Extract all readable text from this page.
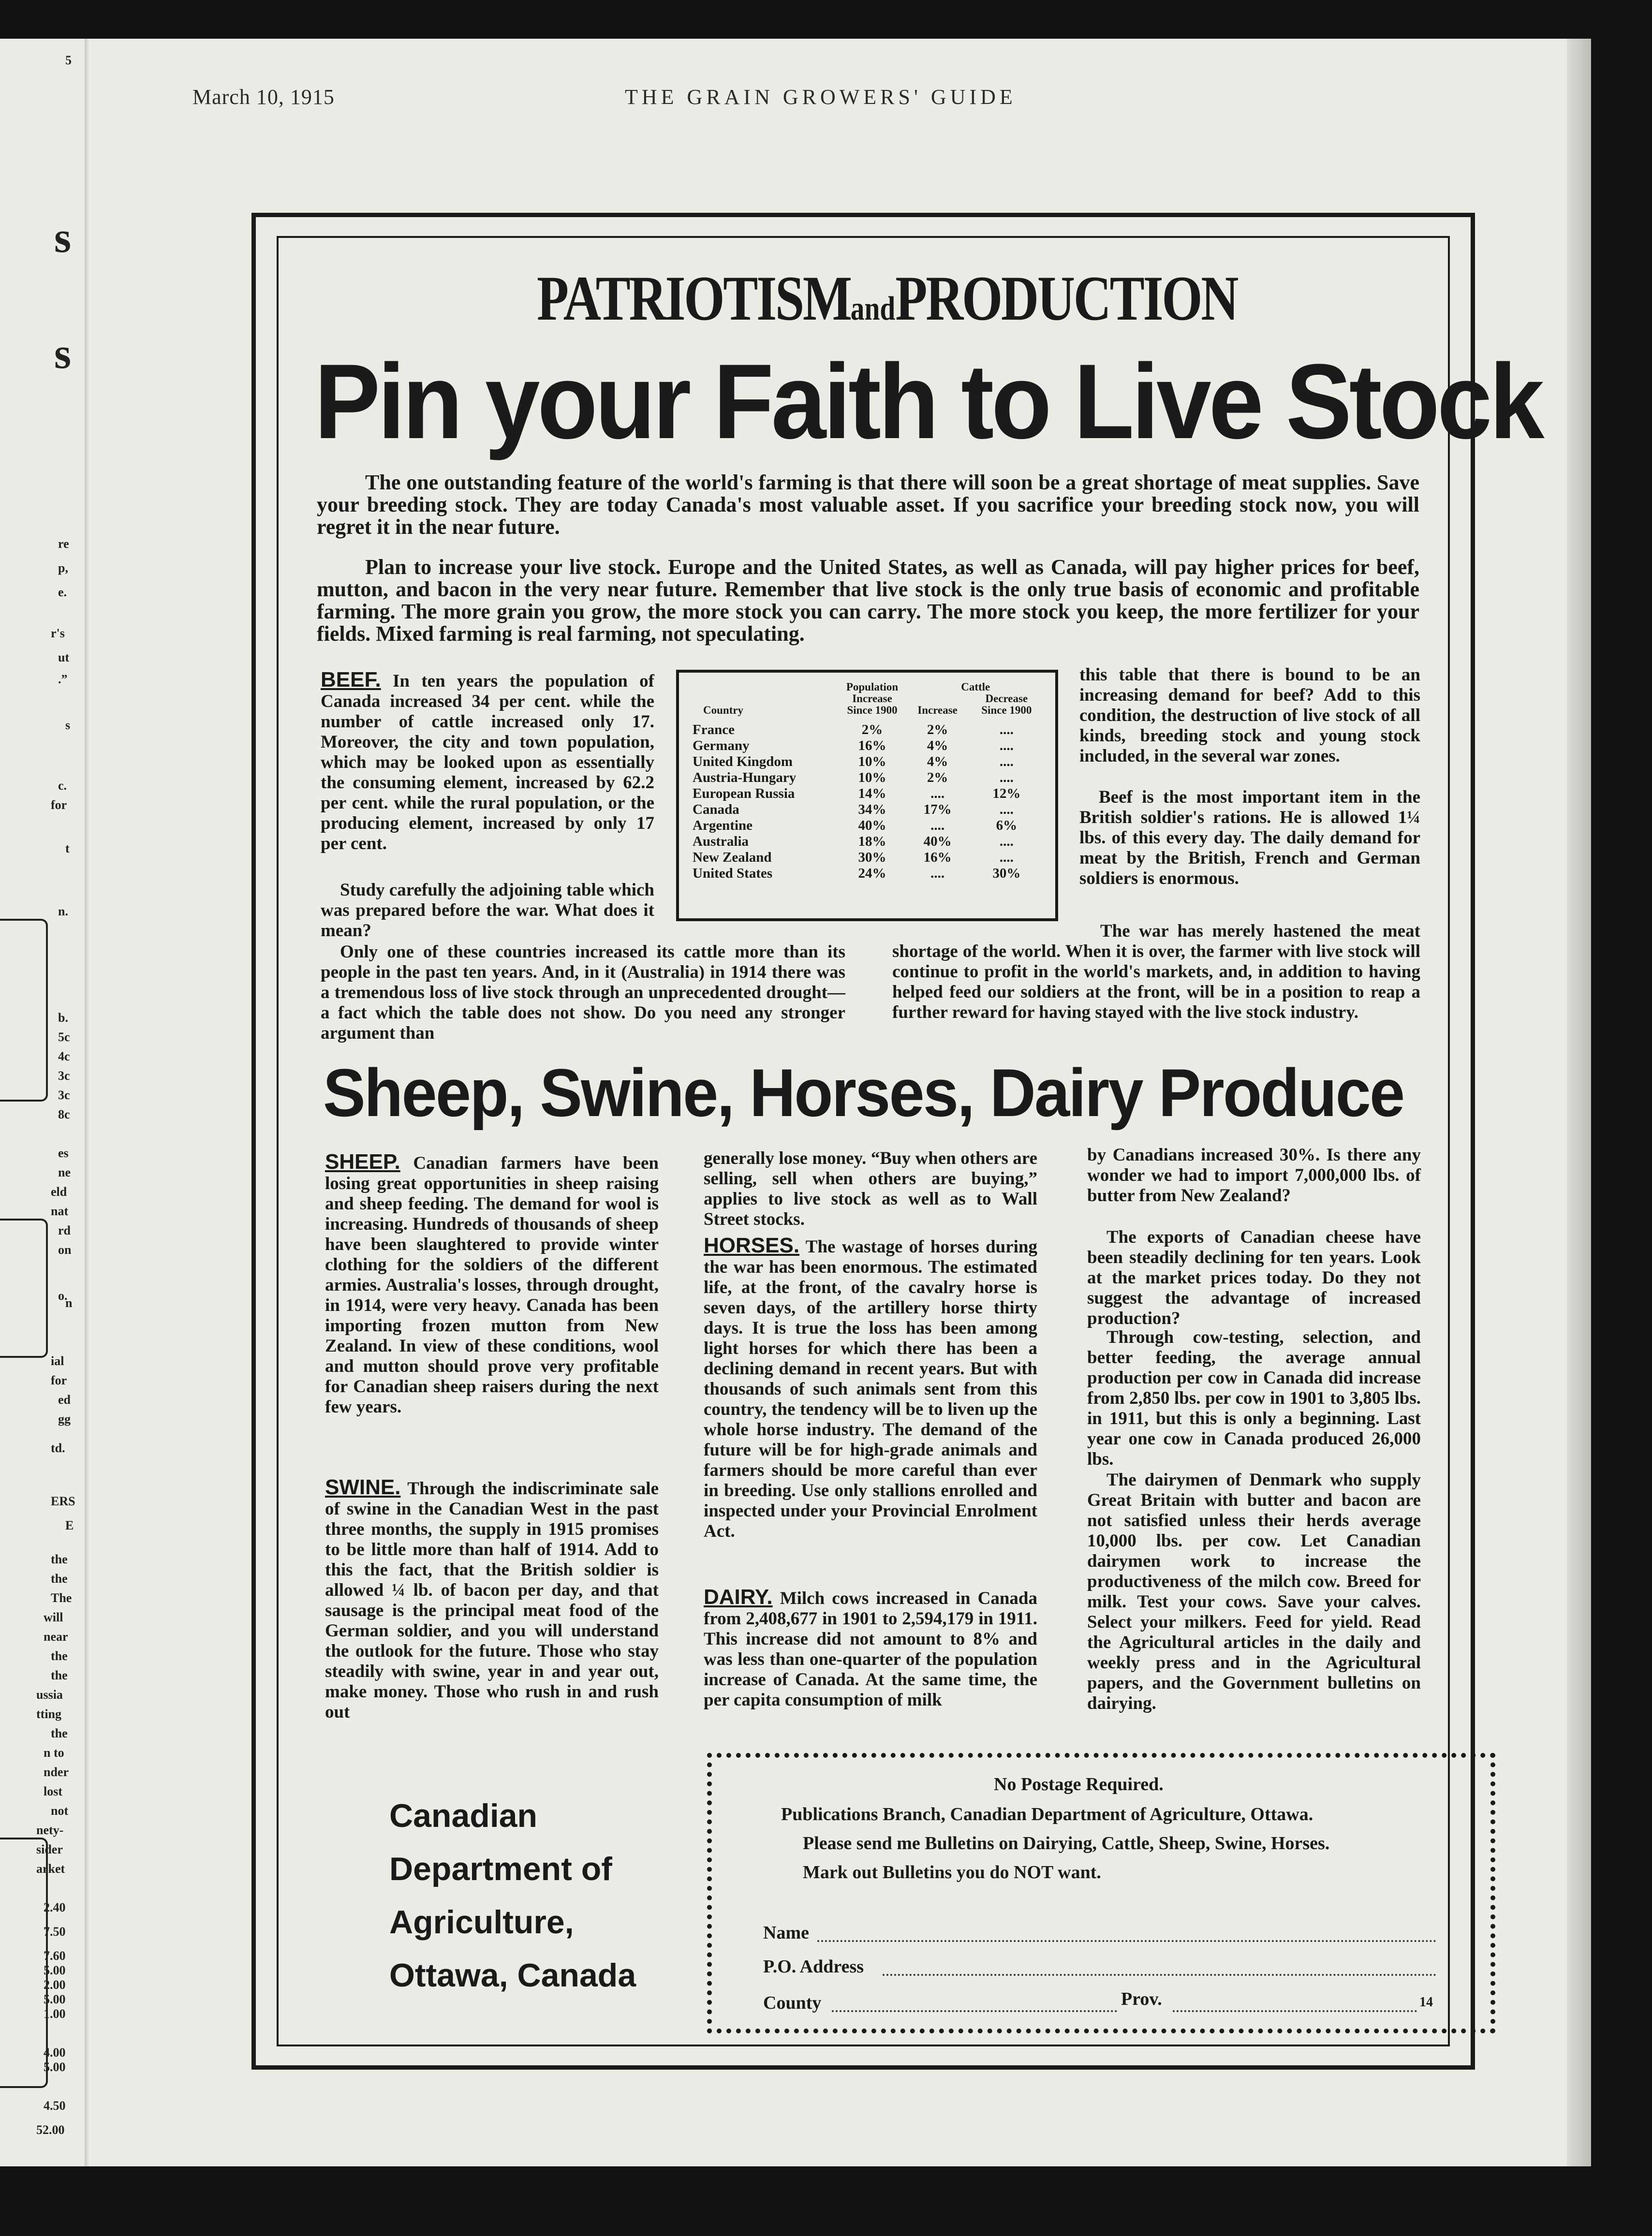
5
s
s
re
p,
e.
r's
ut
.”
s
c.
for
t
n.
b.
5c
4c
3c
3c
8c
es
ne
eld
nat
rd
on
o.
n
ial
for
ed
gg
td.
ERS
E
the
the
The
will
near
the
the
ussia
tting
the
n to
nder
lost
not
nety-
sider
arket
2.40
7.50
7.60
5.00
2.00
5.00
1.00
4.00
5.00
4.50
52.00
March 10, 1915	THE GRAIN GROWERS' GUIDE
PATRIOTISMandPRODUCTION
Pin your Faith to Live Stock
The one outstanding feature of the world's farming is that there will soon be a great shortage of meat supplies. Save your breeding stock. They are today Canada's most valuable asset. If you sacrifice your breeding stock now, you will regret it in the near future.
Plan to increase your live stock. Europe and the United States, as well as Canada, will pay higher prices for beef, mutton, and bacon in the very near future. Remember that live stock is the only true basis of economic and profitable farming. The more grain you grow, the more stock you can carry. The more stock you keep, the more fertilizer for your fields. Mixed farming is real farming, not speculating.
BEEF. In ten years the population of Canada increased 34 per cent. while the number of cattle increased only 17. Moreover, the city and town population, which may be looked upon as essentially the consuming element, increased by 62.2 per cent. while the rural population, or the producing element, increased by only 17 per cent.
Study carefully the adjoining table which was prepared before the war. What does it mean?
Only one of these countries increased its cattle more than its people in the past ten years. And, in it (Australia) in 1914 there was a tremendous loss of live stock through an unprecedented drought—a fact which the table does not show. Do you need any stronger argument than
Country	Population Increase Since 1900	Cattle	
		Increase	Decrease
Since 1900
France	2%	2%	....
Germany	16%	4%	....
United Kingdom	10%	4%	....
Austria-Hungary	10%	2%	....
European Russia	14%	....	12%
Canada	34%	17%	....
Argentine	40%	....	6%
Australia	18%	40%	....
New Zealand	30%	16%	....
United States	24%	....	30%
this table that there is bound to be an increasing demand for beef? Add to this condition, the destruction of live stock of all kinds, breeding stock and young stock included, in the several war zones.
Beef is the most important item in the British soldier's rations. He is allowed 1¼ lbs. of this every day. The daily demand for meat by the British, French and German soldiers is enormous.
The war has merely hastened the meat shortage of the world. When it is over, the farmer with live stock will continue to profit in the world's markets, and, in addition to having helped feed our soldiers at the front, will be in a position to reap a further reward for having stayed with the live stock industry.
Sheep, Swine, Horses, Dairy Produce
SHEEP. Canadian farmers have been losing great opportunities in sheep raising and sheep feeding. The demand for wool is increasing. Hundreds of thousands of sheep have been slaughtered to provide winter clothing for the soldiers of the different armies. Australia's losses, through drought, in 1914, were very heavy. Canada has been importing frozen mutton from New Zealand. In view of these conditions, wool and mutton should prove very profitable for Canadian sheep raisers during the next few years.
SWINE. Through the indiscriminate sale of swine in the Canadian West in the past three months, the supply in 1915 promises to be little more than half of 1914. Add to this the fact, that the British soldier is allowed ¼ lb. of bacon per day, and that sausage is the principal meat food of the German soldier, and you will understand the outlook for the future. Those who stay steadily with swine, year in and year out, make money. Those who rush in and rush out
generally lose money. “Buy when others are selling, sell when others are buying,” applies to live stock as well as to Wall Street stocks.
HORSES. The wastage of horses during the war has been enormous. The estimated life, at the front, of the cavalry horse is seven days, of the artillery horse thirty days. It is true the loss has been among light horses for which there has been a declining demand in recent years. But with thousands of such animals sent from this country, the tendency will be to liven up the whole horse industry. The demand of the future will be for high-grade animals and farmers should be more careful than ever in breeding. Use only stallions enrolled and inspected under your Provincial Enrolment Act.
DAIRY. Milch cows increased in Canada from 2,408,677 in 1901 to 2,594,179 in 1911. This increase did not amount to 8% and was less than one-quarter of the population increase of Canada. At the same time, the per capita consumption of milk
by Canadians increased 30%. Is there any wonder we had to import 7,000,000 lbs. of butter from New Zealand?
The exports of Canadian cheese have been steadily declining for ten years. Look at the market prices today. Do they not suggest the advantage of increased production?
Through cow-testing, selection, and better feeding, the average annual production per cow in Canada did increase from 2,850 lbs. per cow in 1901 to 3,805 lbs. in 1911, but this is only a beginning. Last year one cow in Canada produced 26,000 lbs.
The dairymen of Denmark who supply Great Britain with butter and bacon are not satisfied unless their herds average 10,000 lbs. per cow. Let Canadian dairymen work to increase the productiveness of the milch cow. Breed for milk. Test your cows. Save your calves. Select your milkers. Feed for yield. Read the Agricultural articles in the daily and weekly press and in the Agricultural papers, and the Government bulletins on dairying.
Canadian
Department of
Agriculture,
Ottawa, Canada
No Postage Required.
Publications Branch, Canadian Department of Agriculture, Ottawa.
Please send me Bulletins on Dairying, Cattle, Sheep, Swine, Horses.
Mark out Bulletins you do NOT want.
Name
P.O. Address
County	Prov.	14
